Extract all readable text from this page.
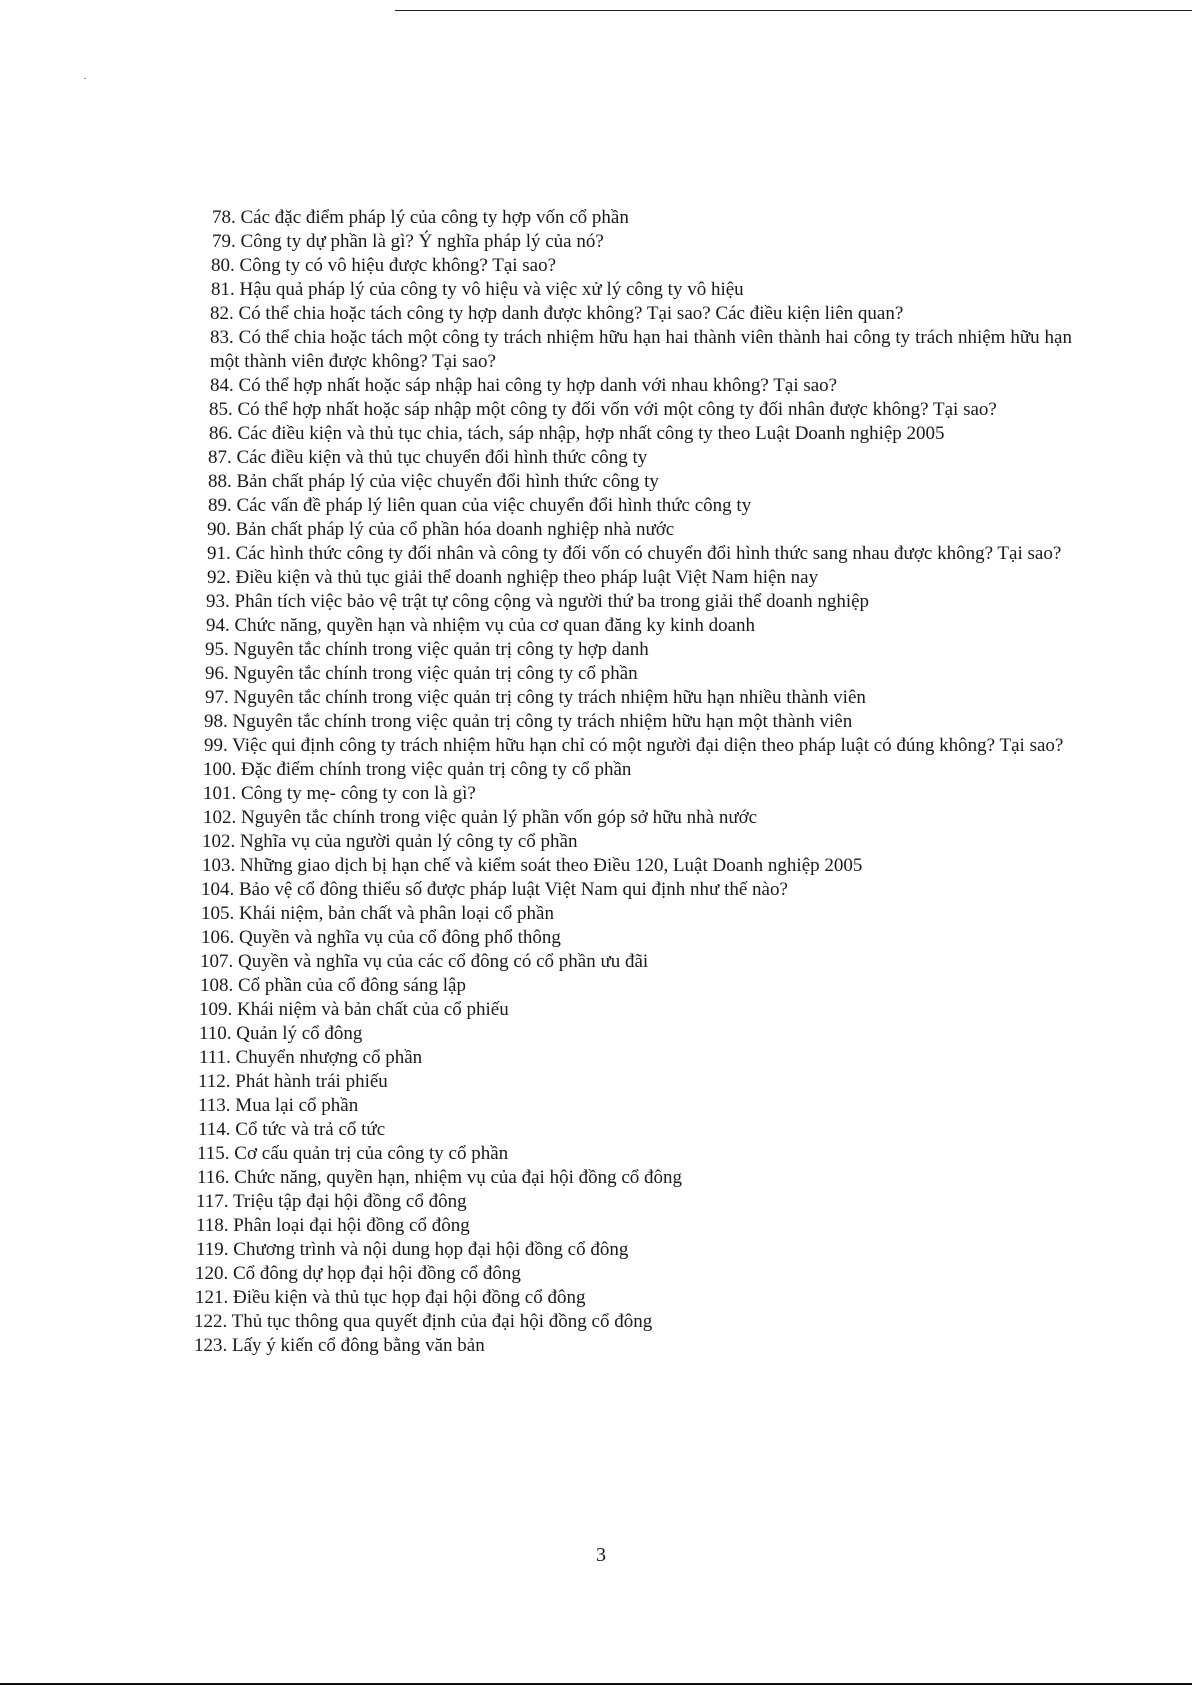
78. Các đặc điểm pháp lý của công ty hợp vốn cổ phần
79. Công ty dự phần là gì? Ý nghĩa pháp lý của nó?
80. Công ty có vô hiệu được không? Tại sao?
81. Hậu quả pháp lý của công ty vô hiệu và việc xử lý công ty vô hiệu
82. Có thể chia hoặc tách công ty hợp danh được không? Tại sao? Các điều kiện liên quan?
83. Có thể chia hoặc tách một công ty trách nhiệm hữu hạn hai thành viên thành hai công ty trách nhiệm hữu hạn một thành viên được không? Tại sao?
84. Có thể hợp nhất hoặc sáp nhập hai công ty hợp danh với nhau không? Tại sao?
85. Có thể hợp nhất hoặc sáp nhập một công ty đối vốn với một công ty đối nhân được không? Tại sao?
86. Các điều kiện và thủ tục chia, tách, sáp nhập, hợp nhất công ty theo Luật Doanh nghiệp 2005
87. Các điều kiện và thủ tục chuyển đổi hình thức công ty
88. Bản chất pháp lý của việc chuyển đổi hình thức công ty
89. Các vấn đề pháp lý liên quan của việc chuyển đổi hình thức công ty
90. Bản chất pháp lý của cổ phần hóa doanh nghiệp nhà nước
91. Các hình thức công ty đối nhân và công ty đối vốn có chuyển đổi hình thức sang nhau được không? Tại sao?
92. Điều kiện và thủ tục giải thể doanh nghiệp theo pháp luật Việt Nam hiện nay
93. Phân tích việc bảo vệ trật tự công cộng và người thứ ba trong giải thể doanh nghiệp
94. Chức năng, quyền hạn và nhiệm vụ của cơ quan đăng ky kinh doanh
95. Nguyên tắc chính trong việc quản trị công ty hợp danh
96. Nguyên tắc chính trong việc quản trị công ty cổ phần
97. Nguyên tắc chính trong việc quản trị công ty trách nhiệm hữu hạn nhiều thành viên
98. Nguyên tắc chính trong việc quản trị công ty trách nhiệm hữu hạn một thành viên
99. Việc qui định công ty trách nhiệm hữu hạn chỉ có một người đại diện theo pháp luật có đúng không? Tại sao?
100. Đặc điểm chính trong việc quản trị công ty cổ phần
101. Công ty mẹ- công ty con là gì?
102. Nguyên tắc chính trong việc quản lý phần vốn góp sở hữu nhà nước
102. Nghĩa vụ của người quản lý công ty cổ phần
103. Những giao dịch bị hạn chế và kiểm soát theo Điều 120, Luật Doanh nghiệp 2005
104. Bảo vệ cổ đông thiểu số được pháp luật Việt Nam qui định như thế nào?
105. Khái niệm, bản chất và phân loại cổ phần
106. Quyền và nghĩa vụ của cổ đông phổ thông
107. Quyền và nghĩa vụ của các cổ đông có cổ phần ưu đãi
108. Cổ phần của cổ đông sáng lập
109. Khái niệm và bản chất của cổ phiếu
110. Quản lý cổ đông
111. Chuyển nhượng cổ phần
112. Phát hành trái phiếu
113. Mua lại cổ phần
114. Cổ tức và trả cổ tức
115. Cơ cấu quản trị của công ty cổ phần
116. Chức năng, quyền hạn, nhiệm vụ của đại hội đồng cổ đông
117. Triệu tập đại hội đồng cổ đông
118. Phân loại đại hội đồng cổ đông
119. Chương trình và nội dung họp đại hội đồng cổ đông
120. Cổ đông dự họp đại hội đồng cổ đông
121. Điều kiện và thủ tục họp đại hội đồng cổ đông
122. Thủ tục thông qua quyết định của đại hội đồng cổ đông
123. Lấy ý kiến cổ đông bằng văn bản
3
